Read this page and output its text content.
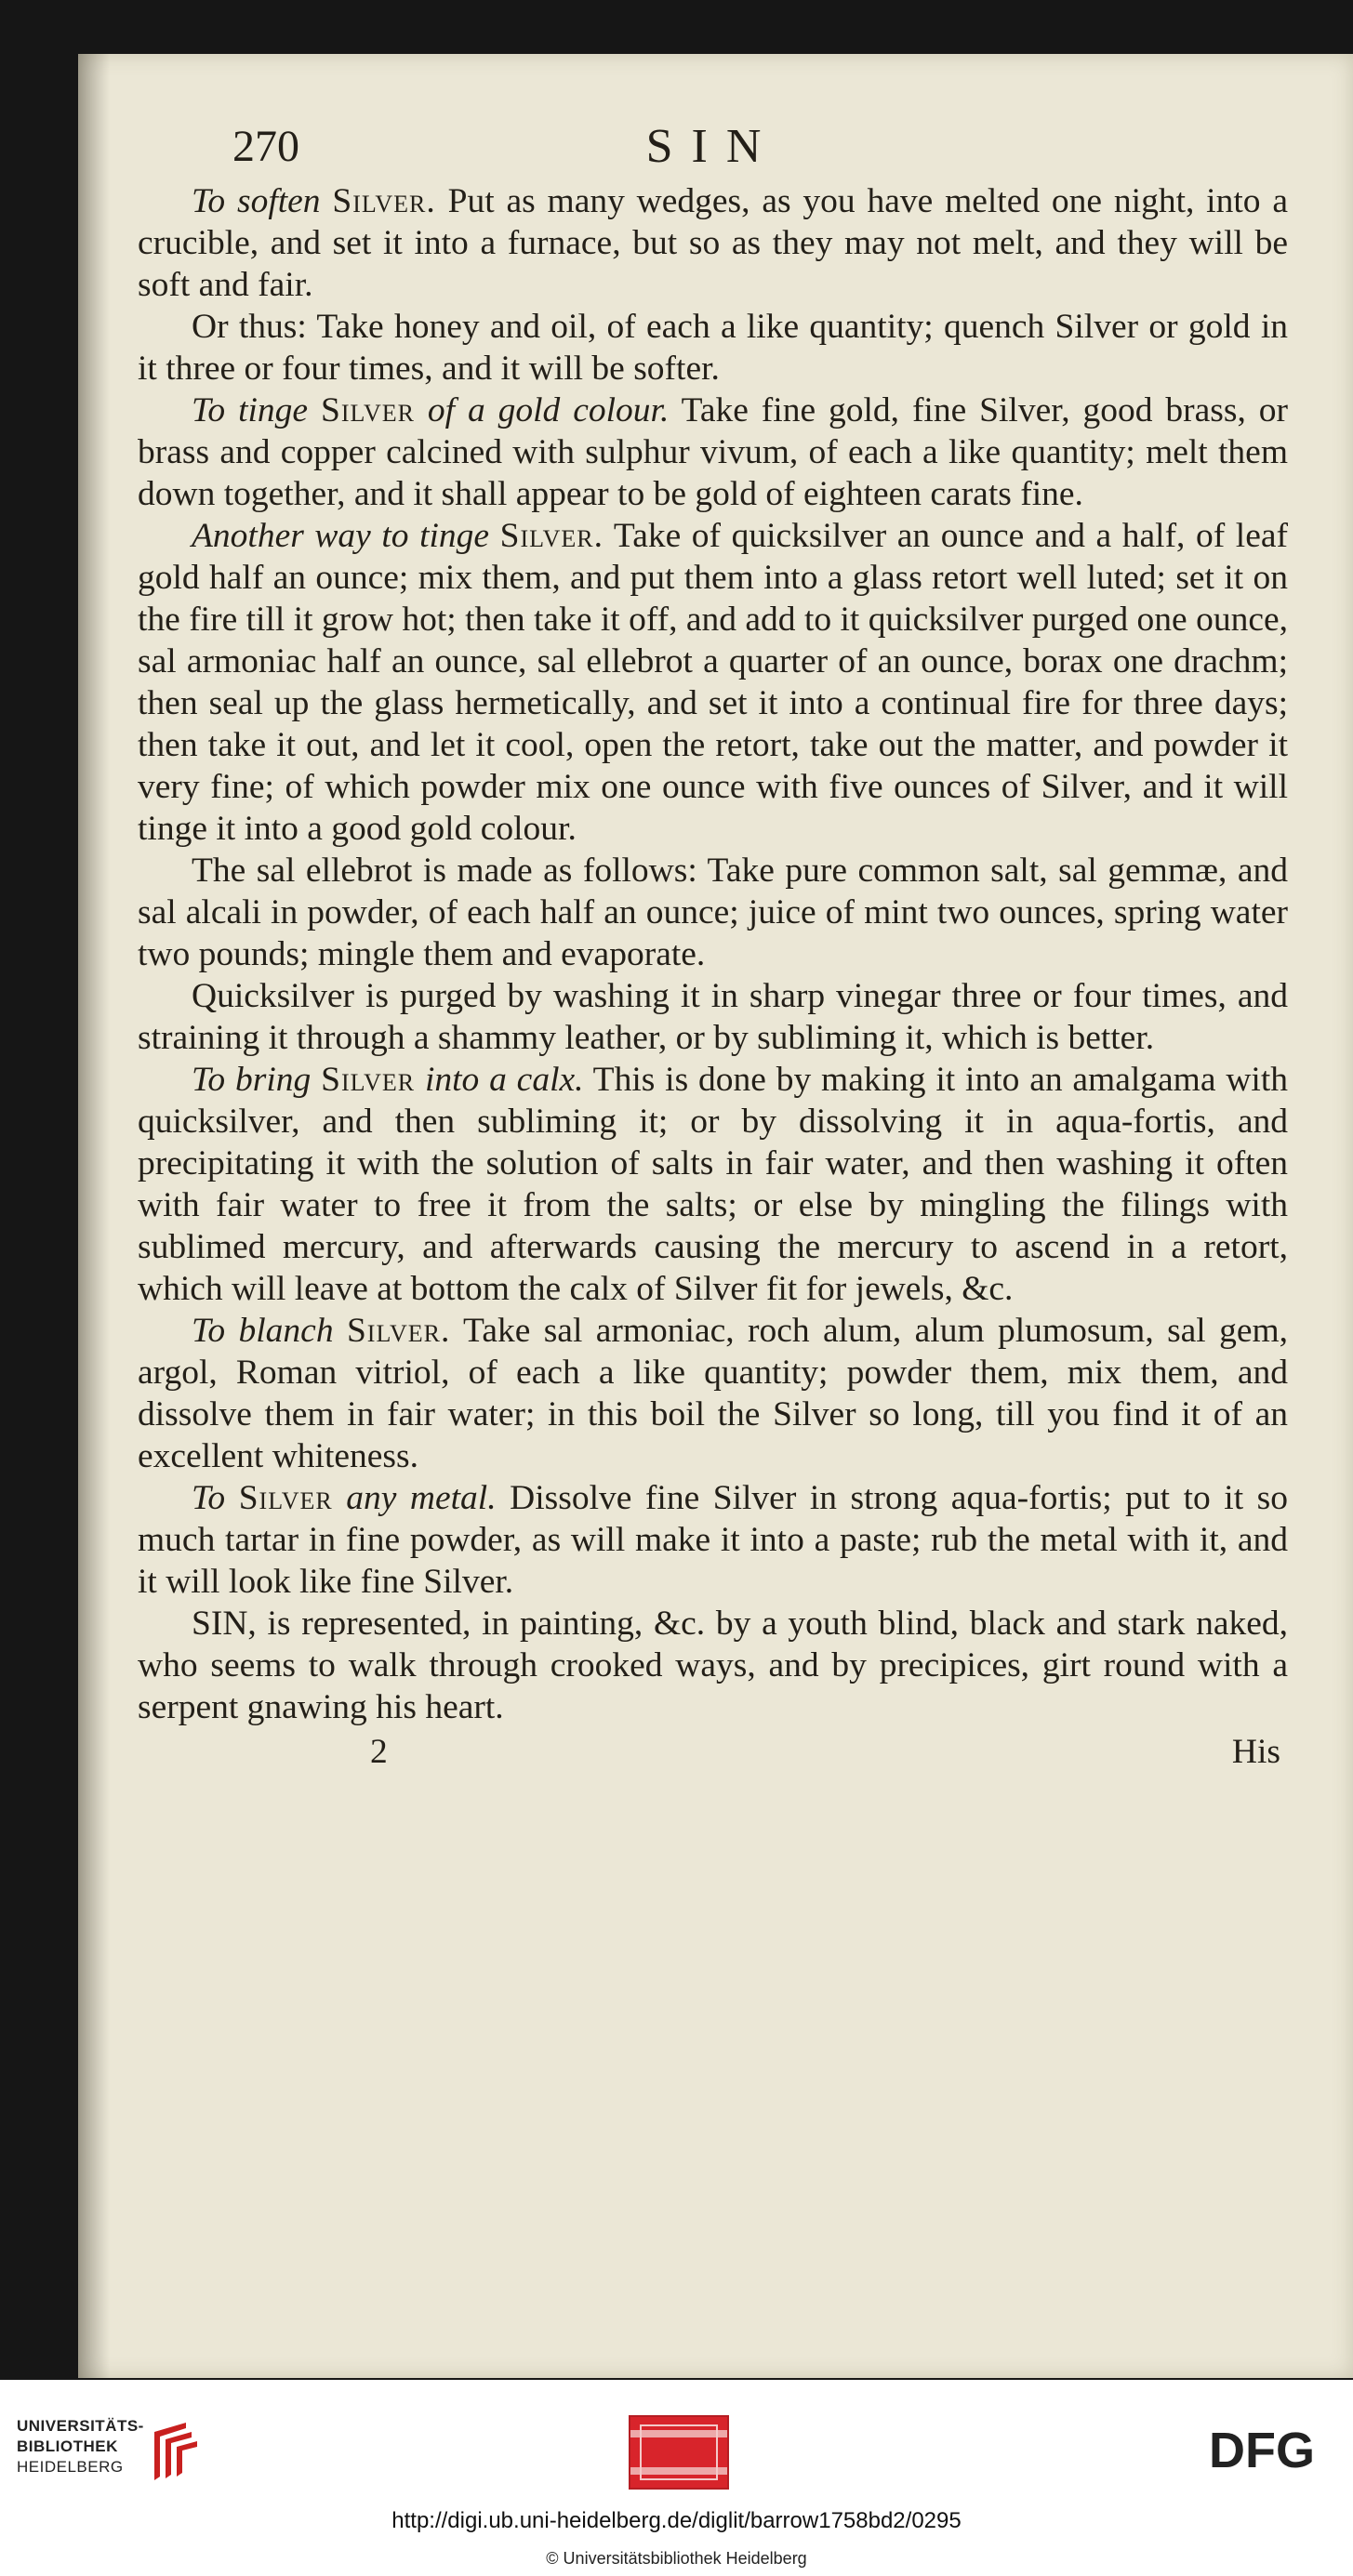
270	SIN

To soften Silver. Put as many wedges, as you have melted one night, into a crucible, and set it into a furnace, but so as they may not melt, and they will be soft and fair.

Or thus: Take honey and oil, of each a like quantity; quench Silver or gold in it three or four times, and it will be softer.

To tinge Silver of a gold colour. Take fine gold, fine Silver, good brass, or brass and copper calcined with sulphur vivum, of each a like quantity; melt them down together, and it shall appear to be gold of eighteen carats fine.

Another way to tinge Silver. Take of quicksilver an ounce and a half, of leaf gold half an ounce; mix them, and put them into a glass retort well luted; set it on the fire till it grow hot; then take it off, and add to it quicksilver purged one ounce, sal armoniac half an ounce, sal ellebrot a quarter of an ounce, borax one drachm; then seal up the glass hermetically, and set it into a continual fire for three days; then take it out, and let it cool, open the retort, take out the matter, and powder it very fine; of which powder mix one ounce with five ounces of Silver, and it will tinge it into a good gold colour.

The sal ellebrot is made as follows: Take pure common salt, sal gemmæ, and sal alcali in powder, of each half an ounce; juice of mint two ounces, spring water two pounds; mingle them and evaporate.

Quicksilver is purged by washing it in sharp vinegar three or four times, and straining it through a shammy leather, or by subliming it, which is better.

To bring Silver into a calx. This is done by making it into an amalgama with quicksilver, and then subliming it; or by dissolving it in aqua-fortis, and precipitating it with the solution of salts in fair water, and then washing it often with fair water to free it from the salts; or else by mingling the filings with sublimed mercury, and afterwards causing the mercury to ascend in a retort, which will leave at bottom the calx of Silver fit for jewels, &c.

To blanch Silver. Take sal armoniac, roch alum, alum plumosum, sal gem, argol, Roman vitriol, of each a like quantity; powder them, mix them, and dissolve them in fair water; in this boil the Silver so long, till you find it of an excellent whiteness.

To Silver any metal. Dissolve fine Silver in strong aqua-fortis; put to it so much tartar in fine powder, as will make it into a paste; rub the metal with it, and it will look like fine Silver.

SIN, is represented, in painting, &c. by a youth blind, black and stark naked, who seems to walk through crooked ways, and by precipices, girt round with a serpent gnawing his heart.

2	His
UNIVERSITÄTS-
BIBLIOTHEK
HEIDELBERG	DFG
http://digi.ub.uni-heidelberg.de/diglit/barrow1758bd2/0295
© Universitätsbibliothek Heidelberg
